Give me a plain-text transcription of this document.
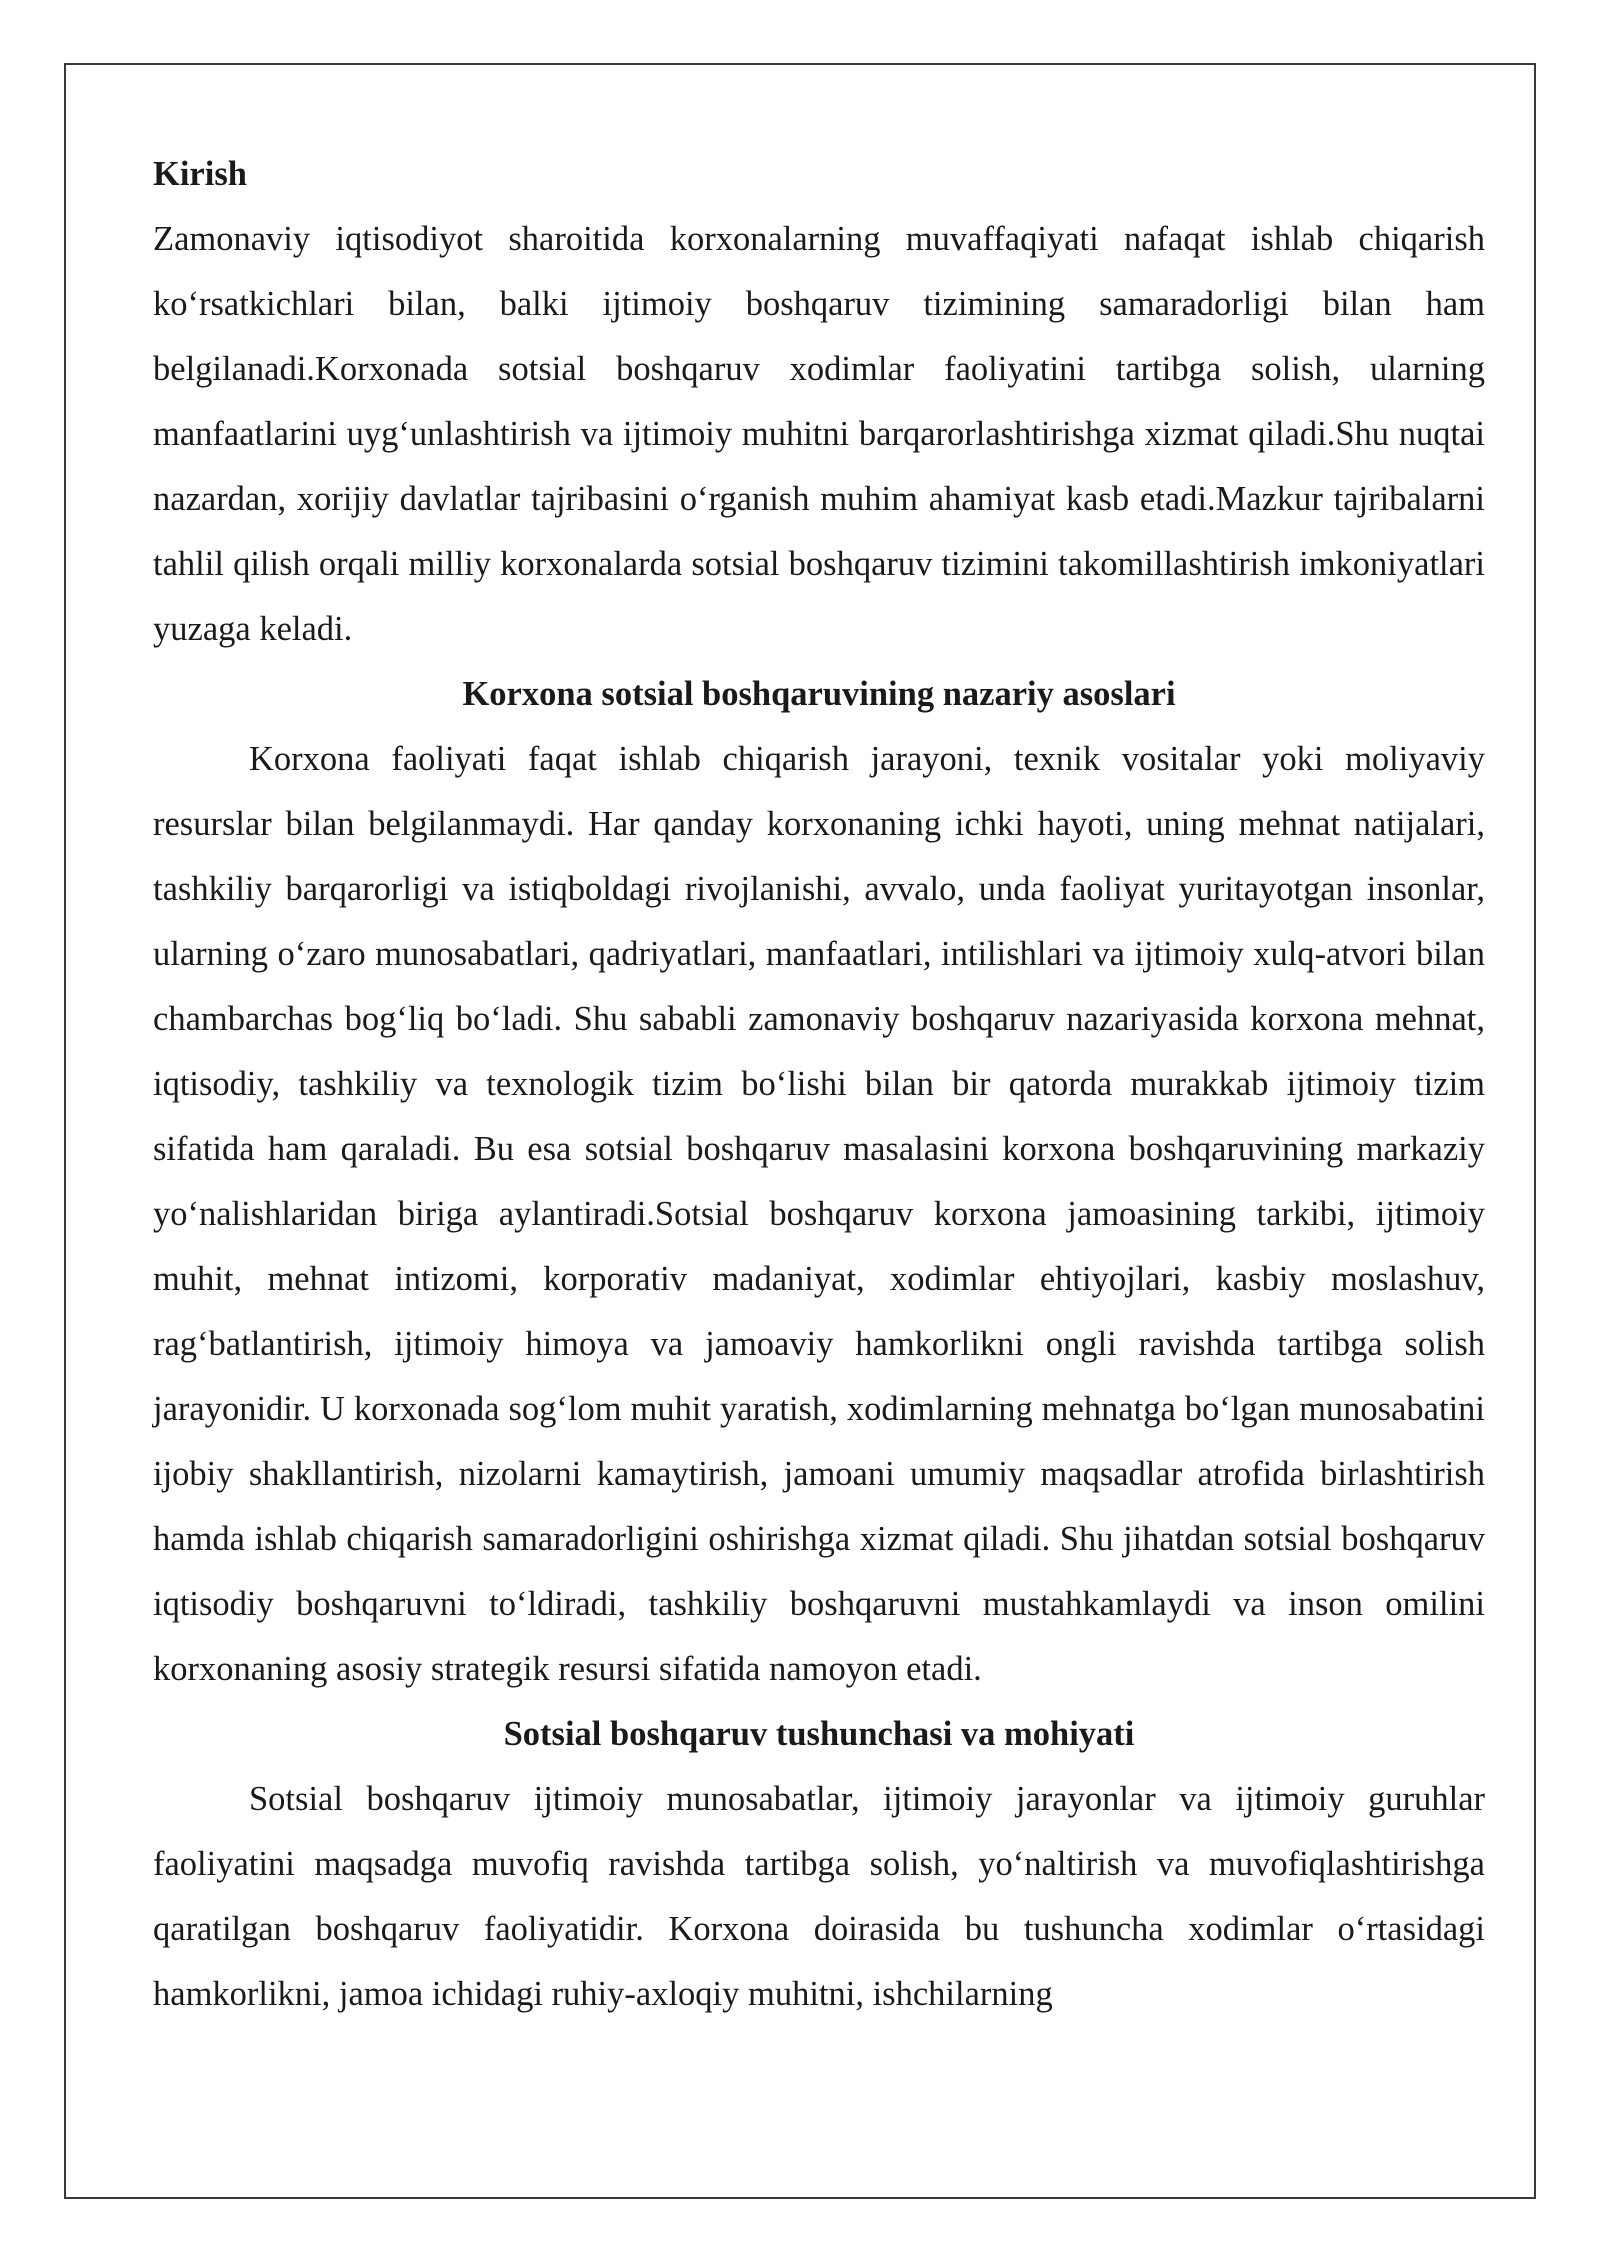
Kirish

Zamonaviy iqtisodiyot sharoitida korxonalarning muvaffaqiyati nafaqat ishlab chiqarish ko‘rsatkichlari bilan, balki ijtimoiy boshqaruv tizimining samaradorligi bilan ham belgilanadi.Korxonada sotsial boshqaruv xodimlar faoliyatini tartibga solish, ularning manfaatlarini uyg‘unlashtirish va ijtimoiy muhitni barqarorlashtirishga xizmat qiladi.Shu nuqtai nazardan, xorijiy davlatlar tajribasini o‘rganish muhim ahamiyat kasb etadi.Mazkur tajribalarni tahlil qilish orqali milliy korxonalarda sotsial boshqaruv tizimini takomillashtirish imkoniyatlari yuzaga keladi.

Korxona sotsial boshqaruvining nazariy asoslari

Korxona faoliyati faqat ishlab chiqarish jarayoni, texnik vositalar yoki moliyaviy resurslar bilan belgilanmaydi. Har qanday korxonaning ichki hayoti, uning mehnat natijalari, tashkiliy barqarorligi va istiqboldagi rivojlanishi, avvalo, unda faoliyat yuritayotgan insonlar, ularning o‘zaro munosabatlari, qadriyatlari, manfaatlari, intilishlari va ijtimoiy xulq-atvori bilan chambarchas bog‘liq bo‘ladi. Shu sababli zamonaviy boshqaruv nazariyasida korxona mehnat, iqtisodiy, tashkiliy va texnologik tizim bo‘lishi bilan bir qatorda murakkab ijtimoiy tizim sifatida ham qaraladi. Bu esa sotsial boshqaruv masalasini korxona boshqaruvining markaziy yo‘nalishlaridan biriga aylantiradi.Sotsial boshqaruv korxona jamoasining tarkibi, ijtimoiy muhit, mehnat intizomi, korporativ madaniyat, xodimlar ehtiyojlari, kasbiy moslashuv, rag‘batlantirish, ijtimoiy himoya va jamoaviy hamkorlikni ongli ravishda tartibga solish jarayonidir. U korxonada sog‘lom muhit yaratish, xodimlarning mehnatga bo‘lgan munosabatini ijobiy shakllantirish, nizolarni kamaytirish, jamoani umumiy maqsadlar atrofida birlashtirish hamda ishlab chiqarish samaradorligini oshirishga xizmat qiladi. Shu jihatdan sotsial boshqaruv iqtisodiy boshqaruvni to‘ldiradi, tashkiliy boshqaruvni mustahkamlaydi va inson omilini korxonaning asosiy strategik resursi sifatida namoyon etadi.

Sotsial boshqaruv tushunchasi va mohiyati

Sotsial boshqaruv ijtimoiy munosabatlar, ijtimoiy jarayonlar va ijtimoiy guruhlar faoliyatini maqsadga muvofiq ravishda tartibga solish, yo‘naltirish va muvofiqlashtirishga qaratilgan boshqaruv faoliyatidir. Korxona doirasida bu tushuncha xodimlar o‘rtasidagi hamkorlikni, jamoa ichidagi ruhiy-axloqiy muhitni, ishchilarning
